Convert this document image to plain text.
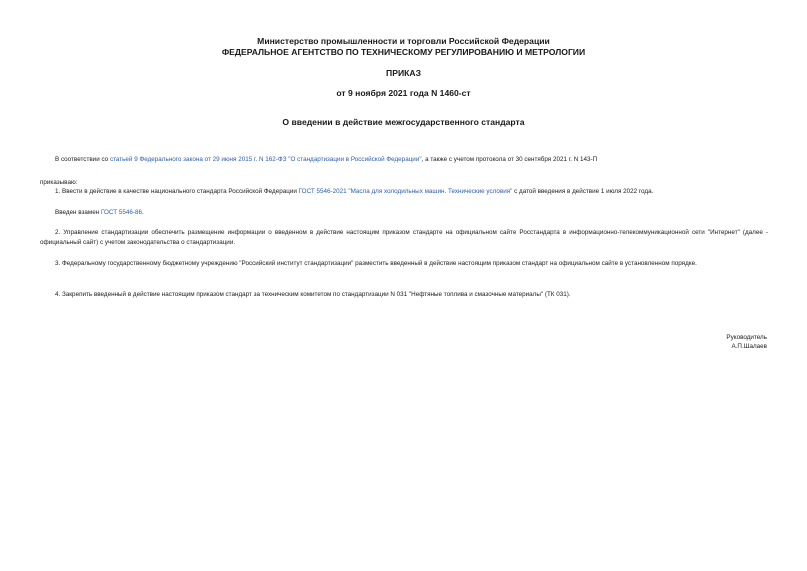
Министерство промышленности и торговли Российской Федерации
ФЕДЕРАЛЬНОЕ АГЕНТСТВО ПО ТЕХНИЧЕСКОМУ РЕГУЛИРОВАНИЮ И МЕТРОЛОГИИ
ПРИКАЗ
от 9 ноября 2021 года N 1460-ст
О введении в действие межгосударственного стандарта
В соответствии со статьей 9 Федерального закона от 29 июня 2015 г. N 162-ФЗ "О стандартизации в Российской Федерации", а также с учетом протокола от 30 сентября 2021 г. N 143-П
приказываю:
1. Ввести в действие в качестве национального стандарта Российской Федерации ГОСТ 5546-2021 "Масла для холодильных машин. Технические условия" с датой введения в действие 1 июля 2022 года.
Введен взамен ГОСТ 5546-86.
2. Управление стандартизации обеспечить размещение информации о введенном в действие настоящим приказом стандарте на официальном сайте Росстандарта в информационно-телекоммуникационной сети "Интернет" (далее - официальный сайт) с учетом законодательства о стандартизации.
3. Федеральному государственному бюджетному учреждению "Российский институт стандартизации" разместить введенный в действие настоящим приказом стандарт на официальном сайте в установленном порядке.
4. Закрепить введенный в действие настоящим приказом стандарт за техническим комитетом по стандартизации N 031 "Нефтяные топлива и смазочные материалы" (ТК 031).
Руководитель
А.П.Шалаев
